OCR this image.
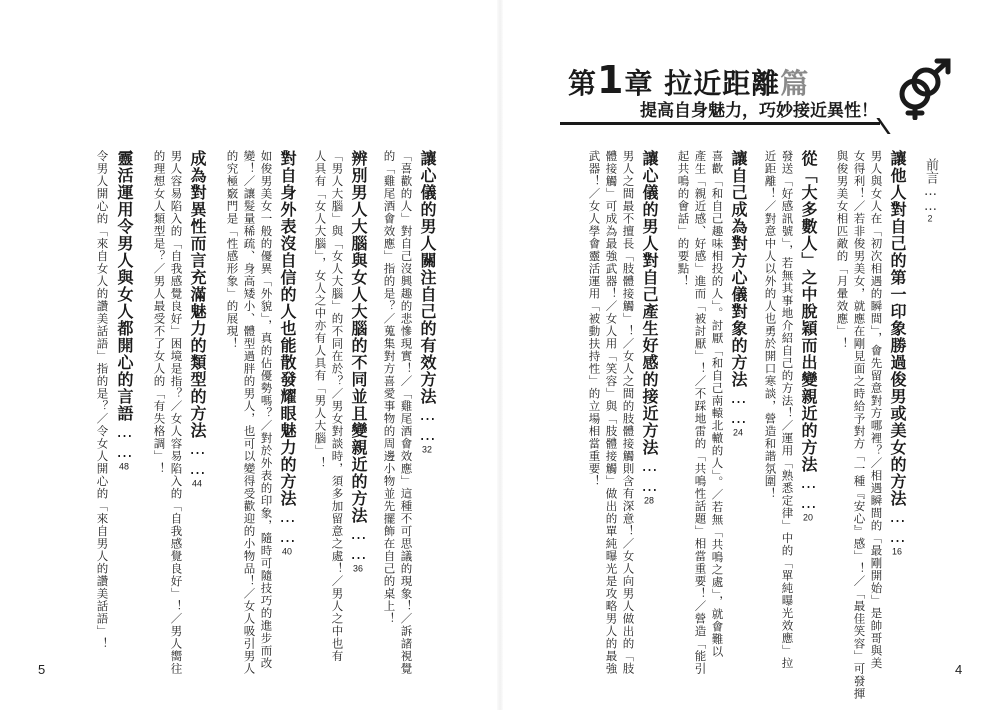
令男人開心的「來自女人的讚美話語」指的是？／令女人開心的「來自男人的讚美話語」！ 靈活運用令男人與女人都開心的言語……48 的理想女人類型是？／男人最受不了女人的「有失格調」！ 男人容易陷入的「自我感覺良好」困境是指？／女人容易陷入的「自我感覺良好」！／男人嚮往 成為對異性而言充滿魅力的類型的方法……44
的究極竅門是「性感形象」的展現！ 變！／讓髮量稀疏、身高矮小、體型過胖的男人，也可以變得受歡迎的小物品！／女人吸引男人 如俊男美女一般的優異「外貌」，真的佔優勢嗎？／對於外表的印象，隨時可隨技巧的進步而改 對自身外表沒自信的人也能散發耀眼魅力的方法……40
人具有「女人大腦」，女人之中亦有人具有「男人大腦」！ 「男人大腦」與「女人大腦」的不同在於？／男女對談時，須多加留意之處！／男人之中也有 辨別男人大腦與女人大腦的不同並且變親近的方法……36 的「雞尾酒會效應」指的是？／蒐集對方喜愛事物的周邊小物並先擺飾在自己的桌上！ 「喜歡的人」對自己沒興趣的悲慘現實！／「雞尾酒會效應」這種不可思議的現象！／訴諸視覺 讓心儀的男人關注自己的有效方法……32
5
第1章 拉近距離篇
提高自身魅力，巧妙接近異性！
武器！／女人學會靈活運用「被動扶持性」的立場相當重要！ 體接觸」可成為最強武器！／女人用「笑容」與「肢體接觸」做出的單純曝光是攻略男人的最強 男人之間最不擅長「肢體接觸」！／女人之間的肢體接觸則含有深意！／女人向男人做出的「肢 讓心儀的男人對自己產生好感的接近方法……28
起共鳴的會話」的要點！ 產生「親近感、好感」進而「被討厭」！／不踩地雷的「共鳴性話題」相當重要！／營造「能引 喜歡「和自己趣味相投的人」。討厭「和自己南轅北轍的人」。／若無「共鳴之處」，就會難以 讓自己成為對方心儀對象的方法……24 近距離！／對意中人以外的人也勇於開口寒談，營造和諧氛圍！ 發送「好感訊號」，若無其事地介紹自己的方法！／運用「熟悉定律」中的「單純曝光效應」拉 從「大多數人」之中脫穎而出變親近的方法……20
與俊男美女相匹敵的「月暈效應」！ 女得利！／若非俊男美女，就應在剛見面之時給予對方「一種『安心』感」！／「最佳笑容」可發揮 男人與女人在「初次相遇的瞬間」，會先留意對方哪裡？／相遇瞬間的「最剛開始」是帥哥與美 讓他人對自己的第一印象勝過俊男或美女的方法……16
前言……2
4
